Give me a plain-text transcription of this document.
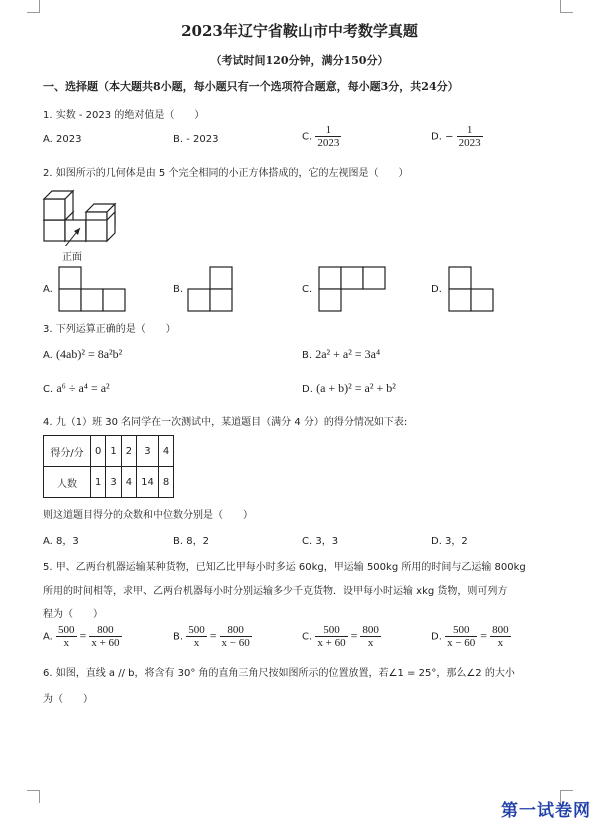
2023年辽宁省鞍山市中考数学真题
（考试时间120分钟，满分150分）
一、选择题（本大题共8小题，每小题只有一个选项符合题意，每小题3分，共24分）
1. 实数 - 2023 的绝对值是（　　）
A. 2023	B. - 2023	C. $\frac{1}{2023}$	D. − $\frac{1}{2023}$
2. 如图所示的几何体是由 5 个完全相同的小正方体搭成的，它的左视图是（　　）
正面
A.	B.	C.	D.
3. 下列运算正确的是（　　）
A. (4ab)² = 8a²b²	B. 2a² + a² = 3a⁴
C. a⁶ ÷ a⁴ = a²	D. (a + b)² = a² + b²
4. 九（1）班 30 名同学在一次测试中，某道题目（满分 4 分）的得分情况如下表:
得分/分	0	1	2	3	4
人数	1	3	4	14	8
则这道题目得分的众数和中位数分别是（　　）
A. 8，3	B. 8，2	C. 3，3	D. 3，2
5. 甲、乙两台机器运输某种货物，已知乙比甲每小时多运 60kg，甲运输 500kg 所用的时间与乙运输 800kg
所用的时间相等，求甲、乙两台机器每小时分别运输多少千克货物．设甲每小时运输 xkg 货物，则可列方
程为（　　）
A. $\frac{500}{x} = \frac{800}{x + 60}$	B. $\frac{500}{x} = \frac{800}{x - 60}$	C. $\frac{500}{x + 60} = \frac{800}{x}$	D. $\frac{500}{x - 60} = \frac{800}{x}$
6. 如图，直线 a // b，将含有 30° 角的直角三角尺按如图所示的位置放置，若∠1 = 25°，那么∠2 的大小
为（　　）
第一试卷网
